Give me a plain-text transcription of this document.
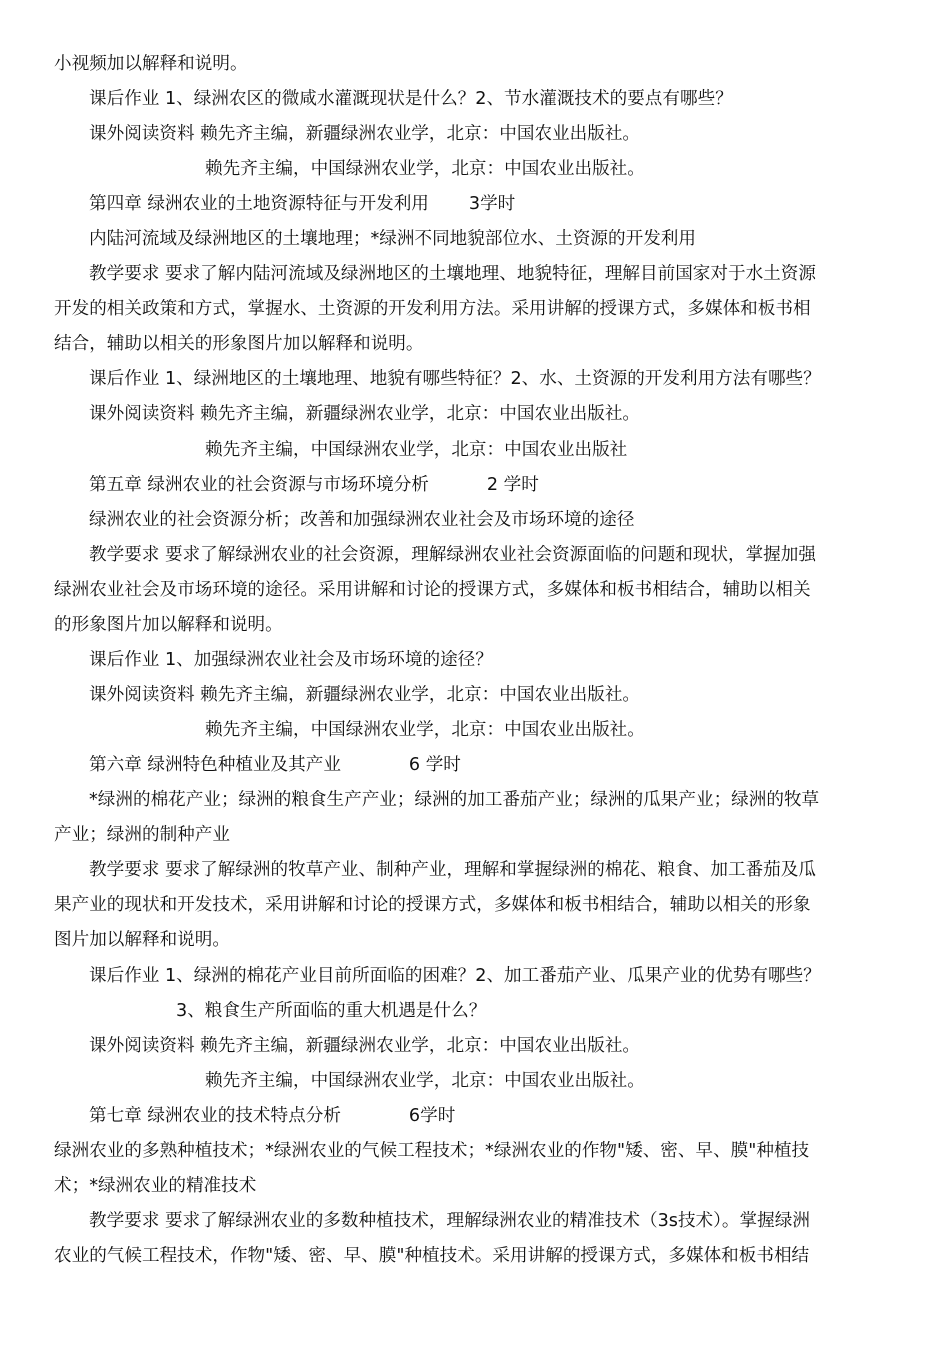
小视频加以解释和说明。
课后作业 1、绿洲农区的微咸水灌溉现状是什么？2、节水灌溉技术的要点有哪些？
课外阅读资料 赖先齐主编，新疆绿洲农业学，北京：中国农业出版社。
赖先齐主编，中国绿洲农业学，北京：中国农业出版社。
第四章 绿洲农业的土地资源特征与开发利用 3学时
内陆河流域及绿洲地区的土壤地理；*绿洲不同地貌部位水、土资源的开发利用
教学要求 要求了解内陆河流域及绿洲地区的土壤地理、地貌特征，理解目前国家对于水土资源
开发的相关政策和方式，掌握水、土资源的开发利用方法。采用讲解的授课方式，多媒体和板书相
结合，辅助以相关的形象图片加以解释和说明。
课后作业 1、绿洲地区的土壤地理、地貌有哪些特征？2、水、土资源的开发利用方法有哪些？
课外阅读资料 赖先齐主编，新疆绿洲农业学，北京：中国农业出版社。
赖先齐主编，中国绿洲农业学，北京：中国农业出版社
第五章 绿洲农业的社会资源与市场环境分析	2 学时
绿洲农业的社会资源分析；改善和加强绿洲农业社会及市场环境的途径
教学要求 要求了解绿洲农业的社会资源，理解绿洲农业社会资源面临的问题和现状，掌握加强
绿洲农业社会及市场环境的途径。采用讲解和讨论的授课方式，多媒体和板书相结合，辅助以相关
的形象图片加以解释和说明。
课后作业 1、加强绿洲农业社会及市场环境的途径？
课外阅读资料 赖先齐主编，新疆绿洲农业学，北京：中国农业出版社。
赖先齐主编，中国绿洲农业学，北京：中国农业出版社。
第六章 绿洲特色种植业及其产业	6 学时
*绿洲的棉花产业；绿洲的粮食生产产业；绿洲的加工番茄产业；绿洲的瓜果产业；绿洲的牧草
产业；绿洲的制种产业
教学要求 要求了解绿洲的牧草产业、制种产业，理解和掌握绿洲的棉花、粮食、加工番茄及瓜
果产业的现状和开发技术，采用讲解和讨论的授课方式，多媒体和板书相结合，辅助以相关的形象
图片加以解释和说明。
课后作业 1、绿洲的棉花产业目前所面临的困难？2、加工番茄产业、瓜果产业的优势有哪些？
3、粮食生产所面临的重大机遇是什么？
课外阅读资料 赖先齐主编，新疆绿洲农业学，北京：中国农业出版社。
赖先齐主编，中国绿洲农业学，北京：中国农业出版社。
第七章 绿洲农业的技术特点分析	6学时
绿洲农业的多熟种植技术；*绿洲农业的气候工程技术；*绿洲农业的作物"矮、密、早、膜"种植技
术；*绿洲农业的精准技术
教学要求 要求了解绿洲农业的多数种植技术，理解绿洲农业的精准技术（3s技术）。掌握绿洲
农业的气候工程技术，作物"矮、密、早、膜"种植技术。采用讲解的授课方式，多媒体和板书相结
